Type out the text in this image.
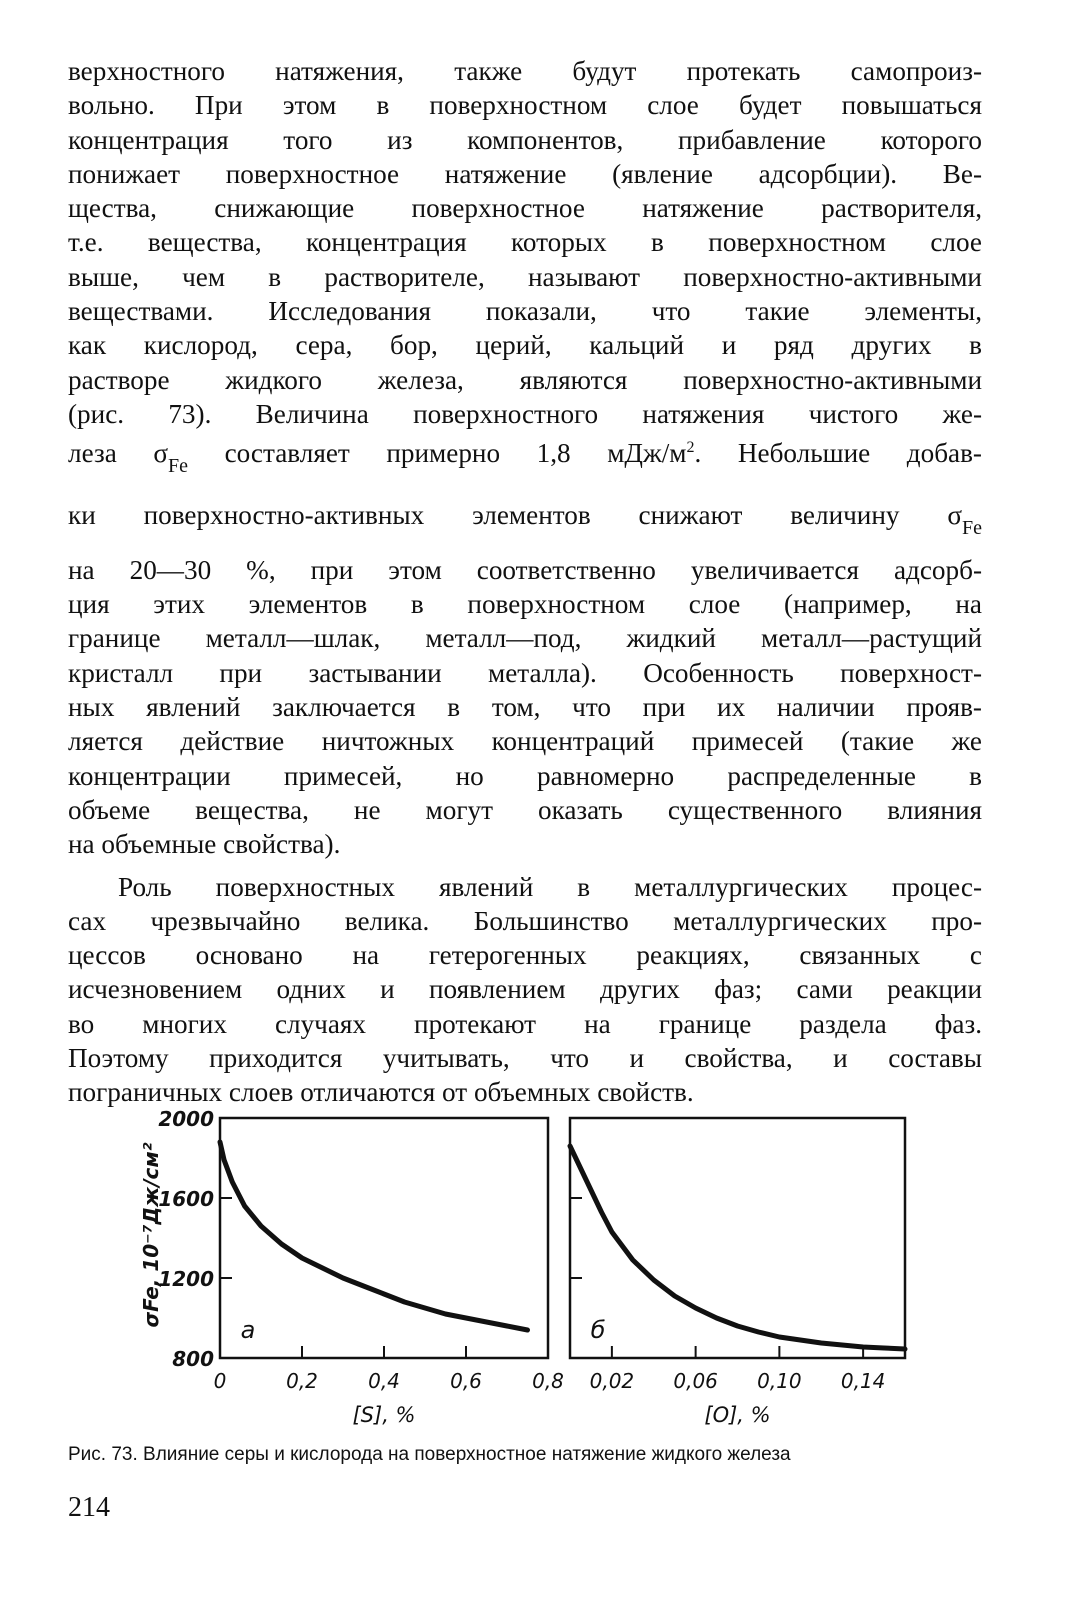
верхностного натяжения, также будут протекать самопроиз-
вольно. При этом в поверхностном слое будет повышаться
концентрация того из компонентов, прибавление которого
понижает поверхностное натяжение (явление адсорбции). Ве-
щества, снижающие поверхностное натяжение растворителя,
т.е. вещества, концентрация которых в поверхностном слое
выше, чем в растворителе, называют поверхностно-активными
веществами. Исследования показали, что такие элементы,
как кислород, сера, бор, церий, кальций и ряд других в
растворе жидкого железа, являются поверхностно-активными
(рис. 73). Величина поверхностного натяжения чистого же-
леза $\sigma_{Fe}$ составляет примерно 1,8 мДж/$м^2$. Небольшие добав-
ки поверхностно-активных элементов снижают величину $\sigma_{Fe}$
на 20—30 %, при этом соответственно увеличивается адсорб-
ция этих элементов в поверхностном слое (например, на
границе металл—шлак, металл—под, жидкий металл—растущий
кристалл при застывании металла). Особенность поверхност-
ных явлений заключается в том, что при их наличии прояв-
ляется действие ничтожных концентраций примесей (такие же
концентрации примесей, но равномерно распределенные в
объеме вещества, не могут оказать существенного влияния
на объемные свойства).
Роль поверхностных явлений в металлургических процес-
сах чрезвычайно велика. Большинство металлургических про-
цессов основано на гетерогенных реакциях, связанных с
исчезновением одних и появлением других фаз; сами реакции
во многих случаях протекают на границе раздела фаз.
Поэтому приходится учитывать, что и свойства, и составы
пограничных слоев отличаются от объемных свойств.
0	0,2	0,4	0,6	0,8
800
1200
1600
2000
а
[S], %
0,02 0,06 0,10 0,14
б
[O], %
σFe, 10⁻⁷Дж/см²
Рис. 73. Влияние серы и кислорода на поверхностное натяжение жидкого железа
214
